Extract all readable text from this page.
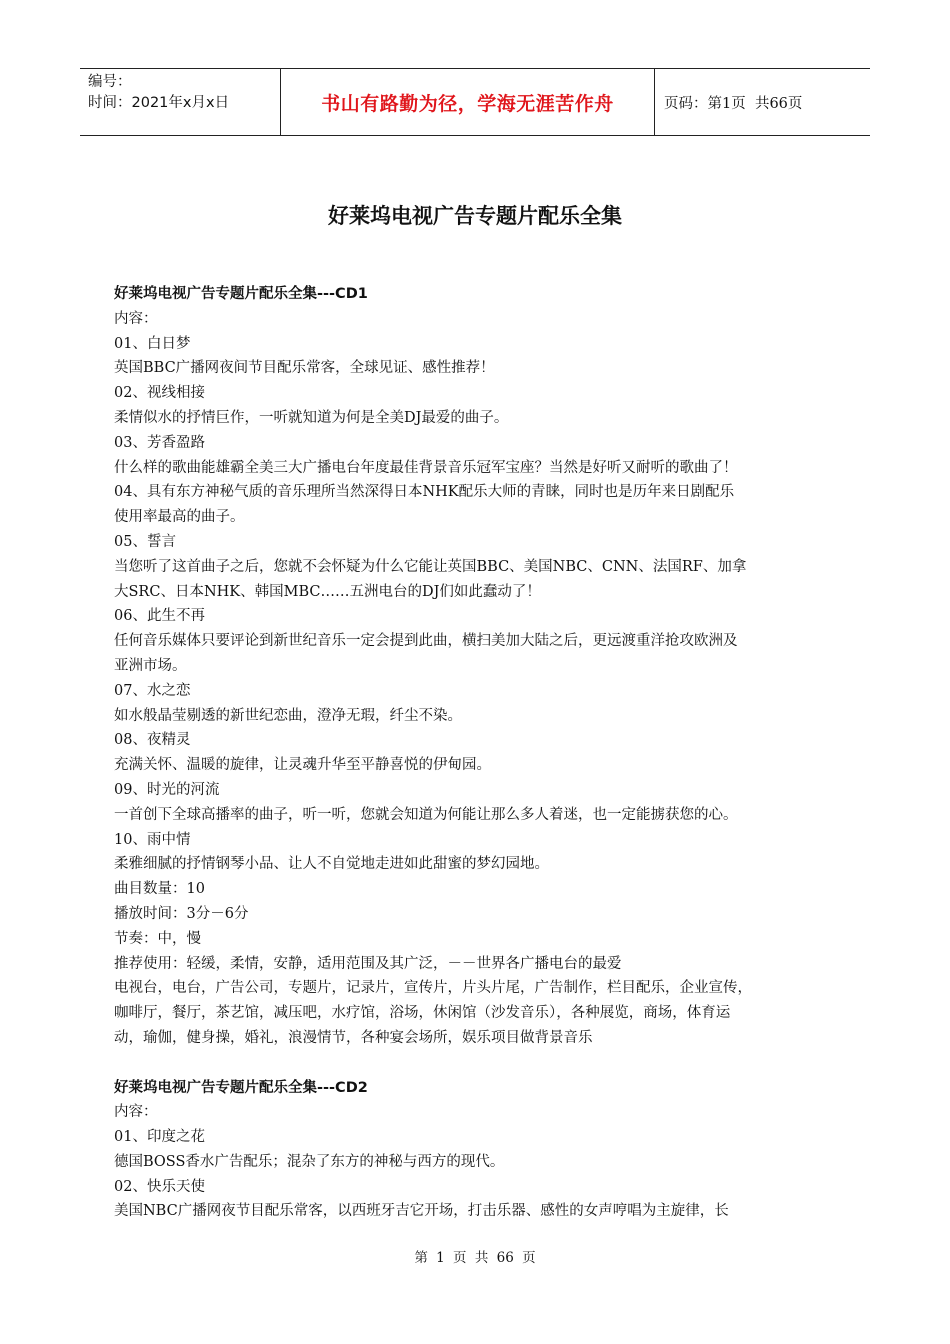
编号：
时间：2021年x月x日	书山有路勤为径，学海无涯苦作舟	页码：第1页  共66页
好莱坞电视广告专题片配乐全集

好莱坞电视广告专题片配乐全集---CD1

内容：

01、白日梦

英国BBC广播网夜间节目配乐常客，全球见证、感性推荐！

02、视线相接

柔情似水的抒情巨作，一听就知道为何是全美DJ最爱的曲子。

03、芳香盈路

什么样的歌曲能雄霸全美三大广播电台年度最佳背景音乐冠军宝座？当然是好听又耐听的歌曲了！

04、具有东方神秘气质的音乐理所当然深得日本NHK配乐大师的青睐，同时也是历年来日剧配乐

使用率最高的曲子。

05、誓言

当您听了这首曲子之后，您就不会怀疑为什么它能让英国BBC、美国NBC、CNN、法国RF、加拿

大SRC、日本NHK、韩国MBC……五洲电台的DJ们如此蠢动了！

06、此生不再

任何音乐媒体只要评论到新世纪音乐一定会提到此曲，横扫美加大陆之后，更远渡重洋抢攻欧洲及

亚洲市场。

07、水之恋

如水般晶莹剔透的新世纪恋曲，澄净无瑕，纤尘不染。

08、夜精灵

充满关怀、温暖的旋律，让灵魂升华至平静喜悦的伊甸园。

09、时光的河流

一首创下全球高播率的曲子，听一听，您就会知道为何能让那么多人着迷，也一定能掳获您的心。

10、雨中情

柔雅细腻的抒情钢琴小品、让人不自觉地走进如此甜蜜的梦幻园地。

曲目数量：10

播放时间：3分－6分

节奏：中，慢

推荐使用：轻缓，柔情，安静，适用范围及其广泛，－－世界各广播电台的最爱

电视台，电台，广告公司，专题片，记录片，宣传片，片头片尾，广告制作，栏目配乐，企业宣传，

咖啡厅，餐厅，茶艺馆，减压吧，水疗馆，浴场，休闲馆（沙发音乐），各种展览，商场，体育运

动，瑜伽，健身操，婚礼，浪漫情节，各种宴会场所，娱乐项目做背景音乐

好莱坞电视广告专题片配乐全集---CD2

内容：

01、印度之花

德国BOSS香水广告配乐；混杂了东方的神秘与西方的现代。

02、快乐天使

美国NBC广播网夜节目配乐常客，以西班牙吉它开场，打击乐器、感性的女声哼唱为主旋律，长

第 1 页 共 66 页
